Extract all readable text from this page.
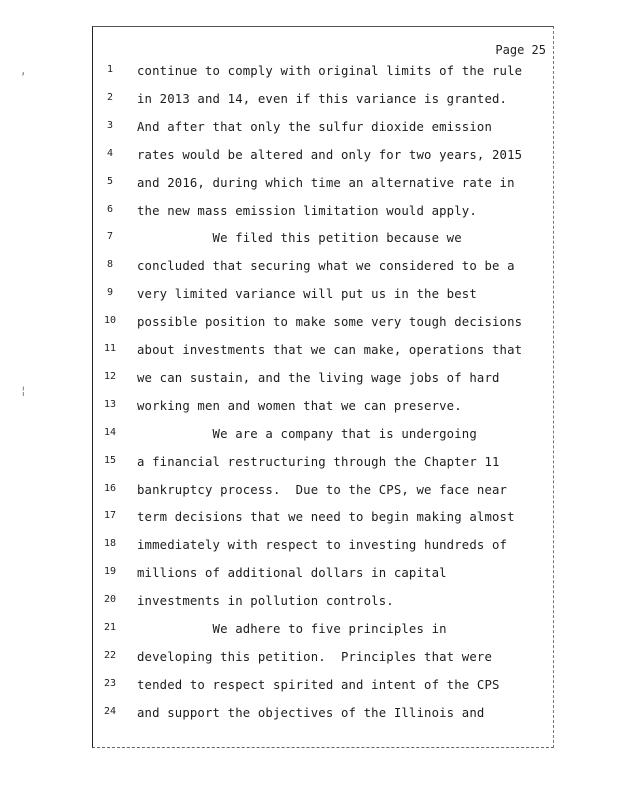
Page 25
,
¦
1	continue to comply with original limits of the rule
2	in 2013 and 14, even if this variance is granted.
3	And after that only the sulfur dioxide emission
4	rates would be altered and only for two years, 2015
5	and 2016, during which time an alternative rate in
6	the new mass emission limitation would apply.
7	We filed this petition because we
8	concluded that securing what we considered to be a
9	very limited variance will put us in the best
10	possible position to make some very tough decisions
11	about investments that we can make, operations that
12	we can sustain, and the living wage jobs of hard
13	working men and women that we can preserve.
14	We are a company that is undergoing
15	a financial restructuring through the Chapter 11
16	bankruptcy process.  Due to the CPS, we face near
17	term decisions that we need to begin making almost
18	immediately with respect to investing hundreds of
19	millions of additional dollars in capital
20	investments in pollution controls.
21	We adhere to five principles in
22	developing this petition.  Principles that were
23	tended to respect spirited and intent of the CPS
24	and support the objectives of the Illinois and
